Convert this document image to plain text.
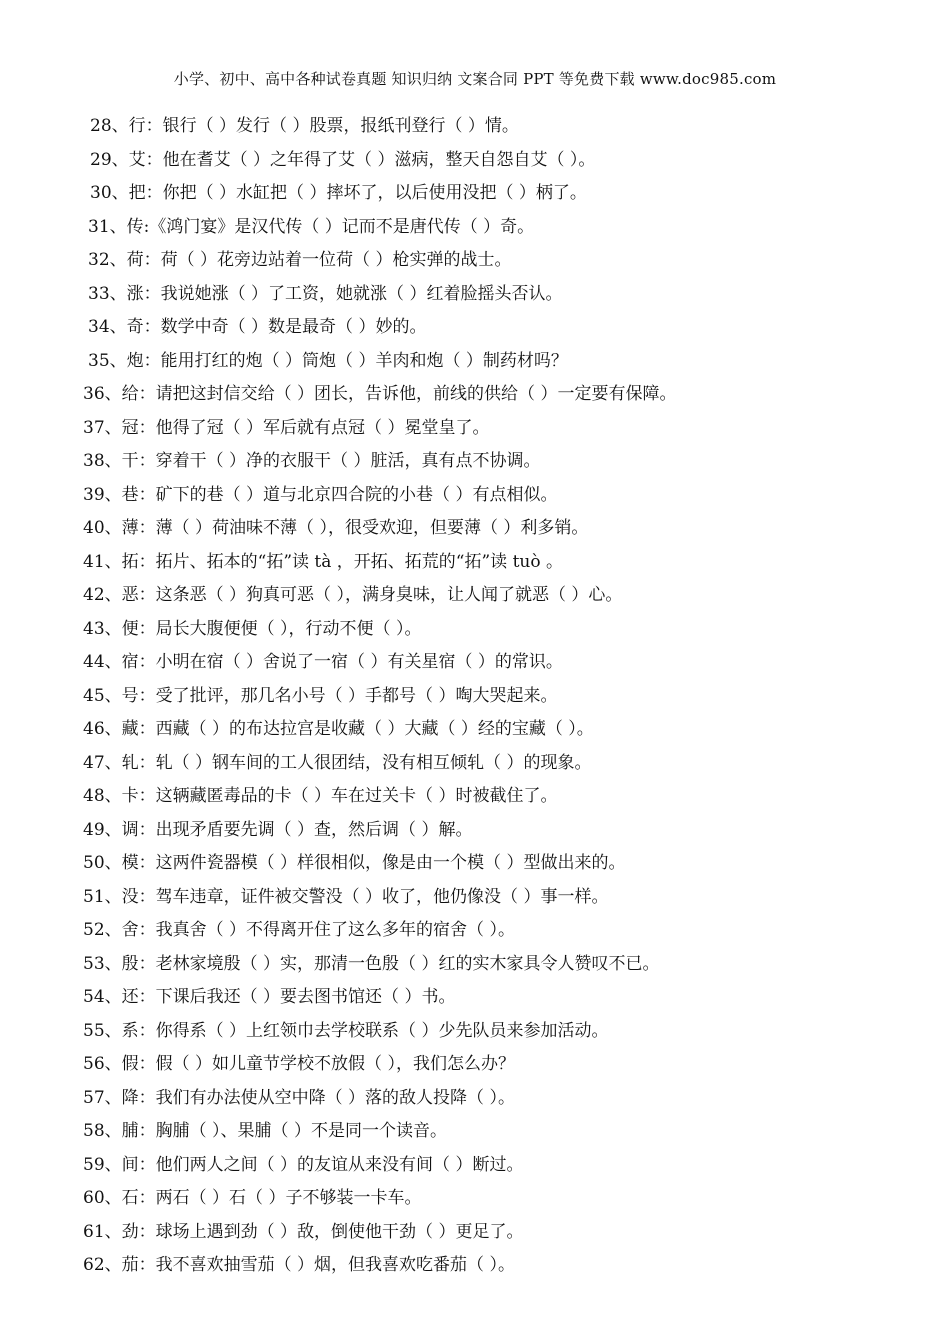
小学、初中、高中各种试卷真题 知识归纳 文案合同 PPT 等免费下载 www.doc985.com
28、行：银行（ ）发行（ ）股票，报纸刊登行（ ）情。
29、艾：他在耆艾（ ）之年得了艾（ ）滋病，整天自怨自艾（ ）。
30、把：你把（ ）水缸把（ ）摔坏了，以后使用没把（ ）柄了。
31、传:《鸿门宴》是汉代传（ ）记而不是唐代传（ ）奇。
32、荷：荷（ ）花旁边站着一位荷（ ）枪实弹的战士。
33、涨：我说她涨（ ）了工资，她就涨（ ）红着脸摇头否认。
34、奇：数学中奇（ ）数是最奇（ ）妙的。
35、炮：能用打红的炮（ ）筒炮（ ）羊肉和炮（ ）制药材吗？
36、给：请把这封信交给（ ）团长，告诉他，前线的供给（ ）一定要有保障。
37、冠：他得了冠（ ）军后就有点冠（ ）冕堂皇了。
38、干：穿着干（ ）净的衣服干（ ）脏活，真有点不协调。
39、巷：矿下的巷（ ）道与北京四合院的小巷（ ）有点相似。
40、薄：薄（ ）荷油味不薄（ ），很受欢迎，但要薄（ ）利多销。
41、拓：拓片、拓本的“拓”读 tà ，开拓、拓荒的“拓”读 tuò 。
42、恶：这条恶（ ）狗真可恶（ ），满身臭味，让人闻了就恶（ ）心。
43、便：局长大腹便便（ ），行动不便（ ）。
44、宿：小明在宿（ ）舍说了一宿（ ）有关星宿（ ）的常识。
45、号：受了批评，那几名小号（ ）手都号（ ）啕大哭起来。
46、藏：西藏（ ）的布达拉宫是收藏（ ）大藏（ ）经的宝藏（ ）。
47、轧：轧（ ）钢车间的工人很团结，没有相互倾轧（ ）的现象。
48、卡：这辆藏匿毒品的卡（ ）车在过关卡（ ）时被截住了。
49、调：出现矛盾要先调（ ）查，然后调（ ）解。
50、模：这两件瓷器模（ ）样很相似，像是由一个模（ ）型做出来的。
51、没：驾车违章，证件被交警没（ ）收了，他仍像没（ ）事一样。
52、舍：我真舍（ ）不得离开住了这么多年的宿舍（ ）。
53、殷：老林家境殷（ ）实，那清一色殷（ ）红的实木家具令人赞叹不已。
54、还：下课后我还（ ）要去图书馆还（ ）书。
55、系：你得系（ ）上红领巾去学校联系（ ）少先队员来参加活动。
56、假：假（ ）如儿童节学校不放假（ ），我们怎么办？
57、降：我们有办法使从空中降（ ）落的敌人投降（ ）。
58、脯：胸脯（ ）、果脯（ ）不是同一个读音。
59、间：他们两人之间（ ）的友谊从来没有间（ ）断过。
60、石：两石（ ）石（ ）子不够装一卡车。
61、劲：球场上遇到劲（ ）敌，倒使他干劲（ ）更足了。
62、茄：我不喜欢抽雪茄（ ）烟，但我喜欢吃番茄（ ）。
